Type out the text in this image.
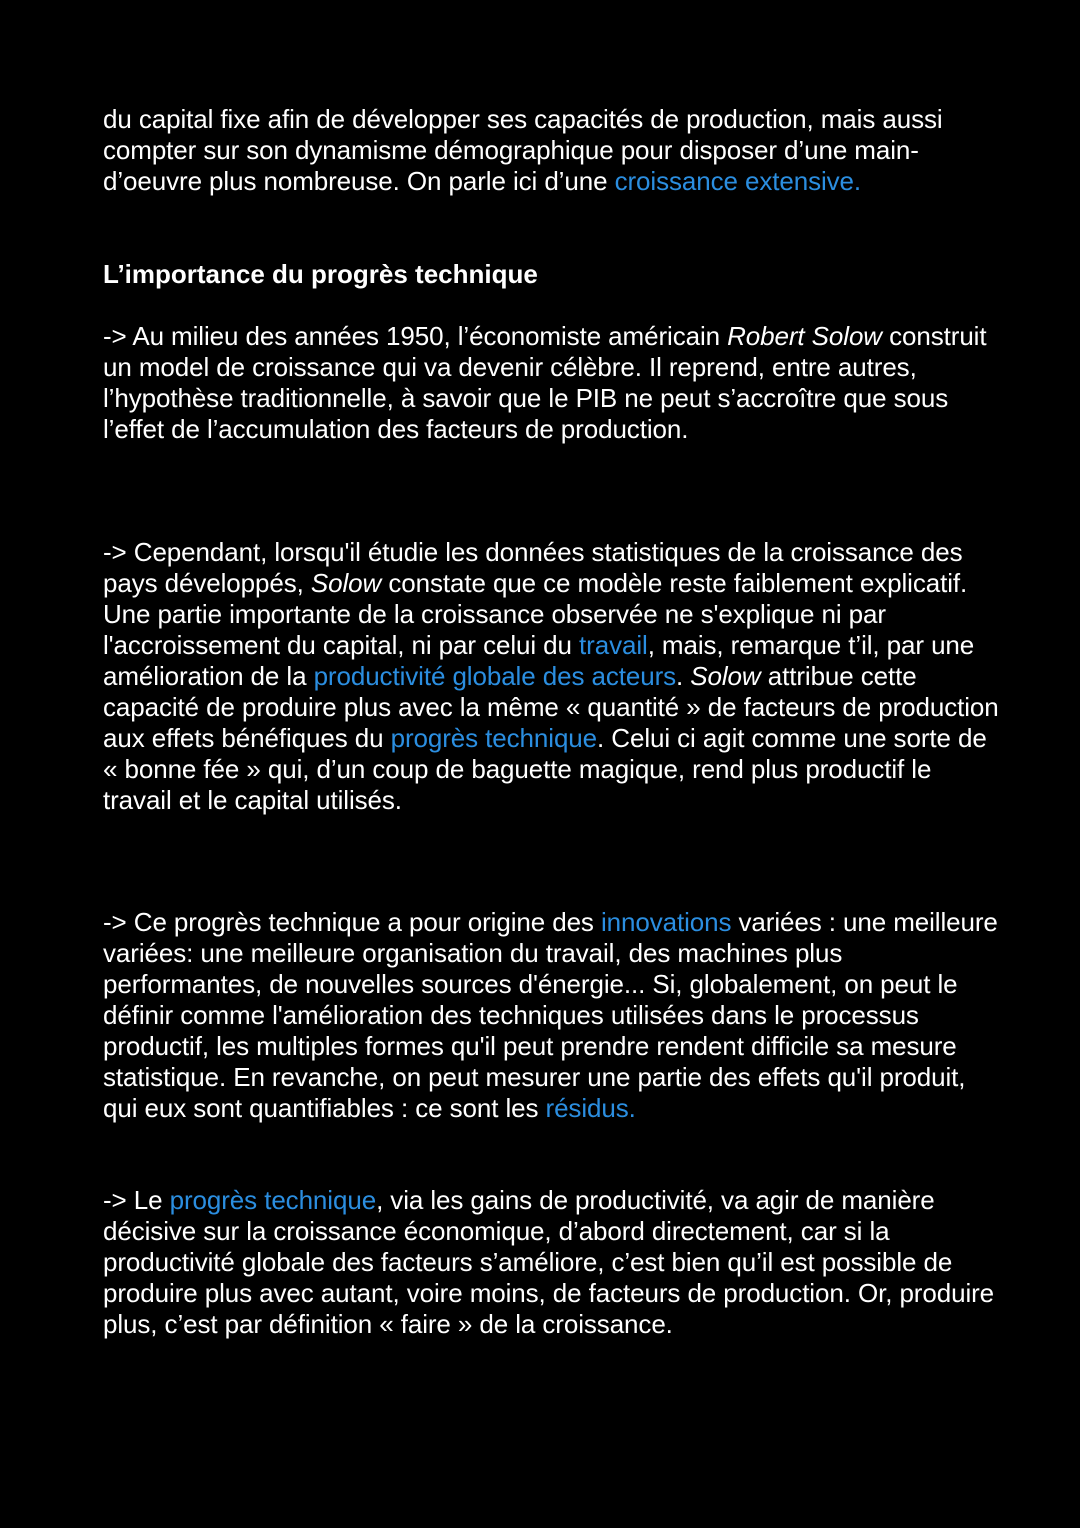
du capital fixe afin de développer ses capacités de production, mais aussi compter sur son dynamisme démographique pour disposer d’une main-d’oeuvre plus nombreuse. On parle ici d’une croissance extensive.

L’importance du progrès technique

-> Au milieu des années 1950, l’économiste américain Robert Solow construit un model de croissance qui va devenir célèbre. Il reprend, entre autres, l’hypothèse traditionnelle, à savoir que le PIB ne peut s’accroître que sous l’effet de l’accumulation des facteurs de production.

-> Cependant, lorsqu'il étudie les données statistiques de la croissance des pays développés, Solow constate que ce modèle reste faiblement explicatif. Une partie importante de la croissance observée ne s'explique ni par l'accroissement du capital, ni par celui du travail, mais, remarque t’il, par une amélioration de la productivité globale des acteurs. Solow attribue cette capacité de produire plus avec la même « quantité » de facteurs de production aux effets bénéfiques du progrès technique. Celui ci agit comme une sorte de « bonne fée » qui, d’un coup de baguette magique, rend plus productif le travail et le capital utilisés.

-> Ce progrès technique a pour origine des innovations variées : une meilleure variées: une meilleure organisation du travail, des machines plus performantes, de nouvelles sources d'énergie... Si, globalement, on peut le définir comme l'amélioration des techniques utilisées dans le processus productif, les multiples formes qu'il peut prendre rendent difficile sa mesure statistique. En revanche, on peut mesurer une partie des effets qu'il produit, qui eux sont quantifiables : ce sont les résidus.

-> Le progrès technique, via les gains de productivité, va agir de manière décisive sur la croissance économique, d’abord directement, car si la productivité globale des facteurs s’améliore, c’est bien qu’il est possible de produire plus avec autant, voire moins, de facteurs de production. Or, produire plus, c’est par définition « faire » de la croissance.
